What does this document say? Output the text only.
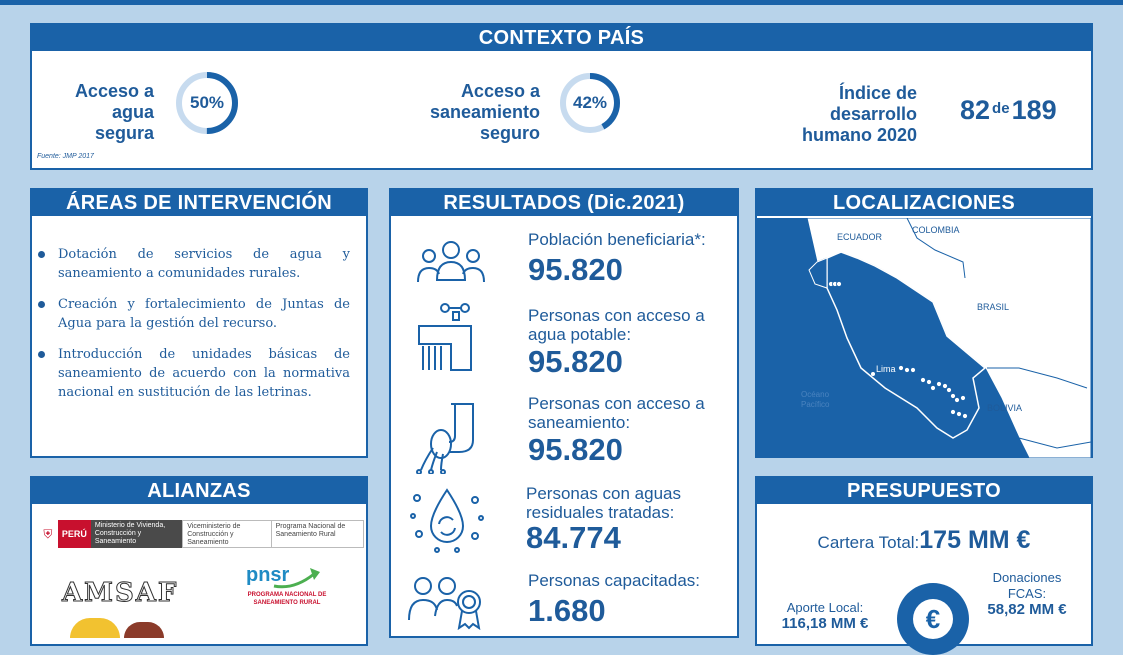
CONTEXTO PAÍS
Acceso a
agua
segura
50%
Acceso a
saneamiento
seguro
42%	Índice de
desarrollo
humano 2020
82 de189
Fuente: JMP 2017
ÁREAS DE INTERVENCIÓN
Dotación de servicios de agua y saneamiento a comunidades rurales.
Creación y fortalecimiento de Juntas de Agua para la gestión del recurso.
Introducción de unidades básicas de saneamiento de acuerdo con la normativa nacional en sustitución de las letrinas.
RESULTADOS (Dic.2021)
Población beneficiaria*:
95.820
Personas con acceso a agua potable:
95.820
Personas con acceso a saneamiento:
95.820
Personas con aguas residuales tratadas:
84.774
Personas capacitadas:
1.680
LOCALIZACIONES
ECUADOR
COLOMBIA
BRASIL
Lima
BOLIVIA
Océano Pacífico
ALIANZAS
⛨	PERÚ
Ministerio de Vivienda, Construcción y Saneamiento
Viceministerio de Construcción y Saneamiento
Programa Nacional de Saneamiento Rural
AMSAF
pnsr
PROGRAMA NACIONAL DE SANEAMIENTO RURAL
PRESUPUESTO
Cartera Total:175 MM €
Donaciones
FCAS:
58,82 MM €
Aporte Local:
116,18 MM €	€
